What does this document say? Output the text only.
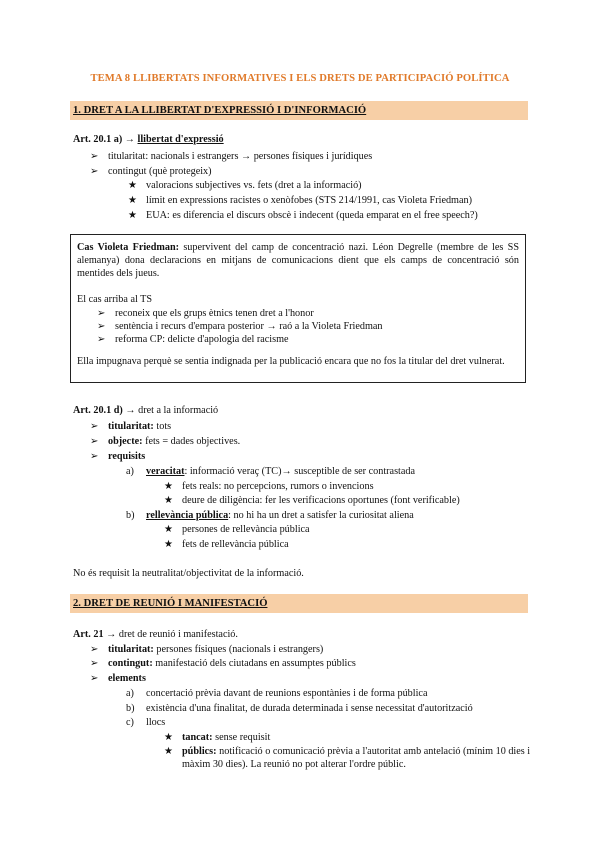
TEMA 8 LLIBERTATS INFORMATIVES I ELS DRETS DE PARTICIPACIÓ POLÍTICA
1. DRET A LA LLIBERTAT D'EXPRESSIÓ I D'INFORMACIÓ
Art. 20.1 a) → llibertat d'expressió
➢ titularitat: nacionals i estrangers → persones físiques i jurídiques
➢ contingut (què protegeix)
★ valoracions subjectives vs. fets (dret a la informació)
★ límit en expressions racistes o xenòfobes (STS 214/1991, cas Violeta Friedman)
★ EUA: es diferencia el discurs obscè i indecent (queda emparat en el free speech?)
Cas Violeta Friedman: supervivent del camp de concentració nazi. Léon Degrelle (membre de les SS alemanya) dona declaracions en mitjans de comunicacions dient que els camps de concentració són mentides dels jueus.
El cas arriba al TS
➢ reconeix que els grups ètnics tenen dret a l'honor
➢ sentència i recurs d'empara posterior → raó a la Violeta Friedman
➢ reforma CP: delicte d'apologia del racisme
Ella impugnava perquè se sentia indignada per la publicació encara que no fos la titular del dret vulnerat.
Art. 20.1 d) → dret a la informació
➢ titularitat: tots
➢ objecte: fets = dades objectives.
➢ requisits
a) veracitat: informació veraç (TC)→ susceptible de ser contrastada
★ fets reals: no percepcions, rumors o invencions
★ deure de diligència: fer les verificacions oportunes (font verificable)
b) rellevància pública: no hi ha un dret a satisfer la curiositat aliena
★ persones de rellevància pública
★ fets de rellevància pública
No és requisit la neutralitat/objectivitat de la informació.
2. DRET DE REUNIÓ I MANIFESTACIÓ
Art. 21 → dret de reunió i manifestació.
➢ titularitat: persones físiques (nacionals i estrangers)
➢ contingut: manifestació dels ciutadans en assumptes públics
➢ elements
a) concertació prèvia davant de reunions espontànies i de forma pública
b) existència d'una finalitat, de durada determinada i sense necessitat d'autorització
c) llocs
★ tancat: sense requisit
★ públics: notificació o comunicació prèvia a l'autoritat amb antelació (mínim 10 dies i màxim 30 dies). La reunió no pot alterar l'ordre públic.
